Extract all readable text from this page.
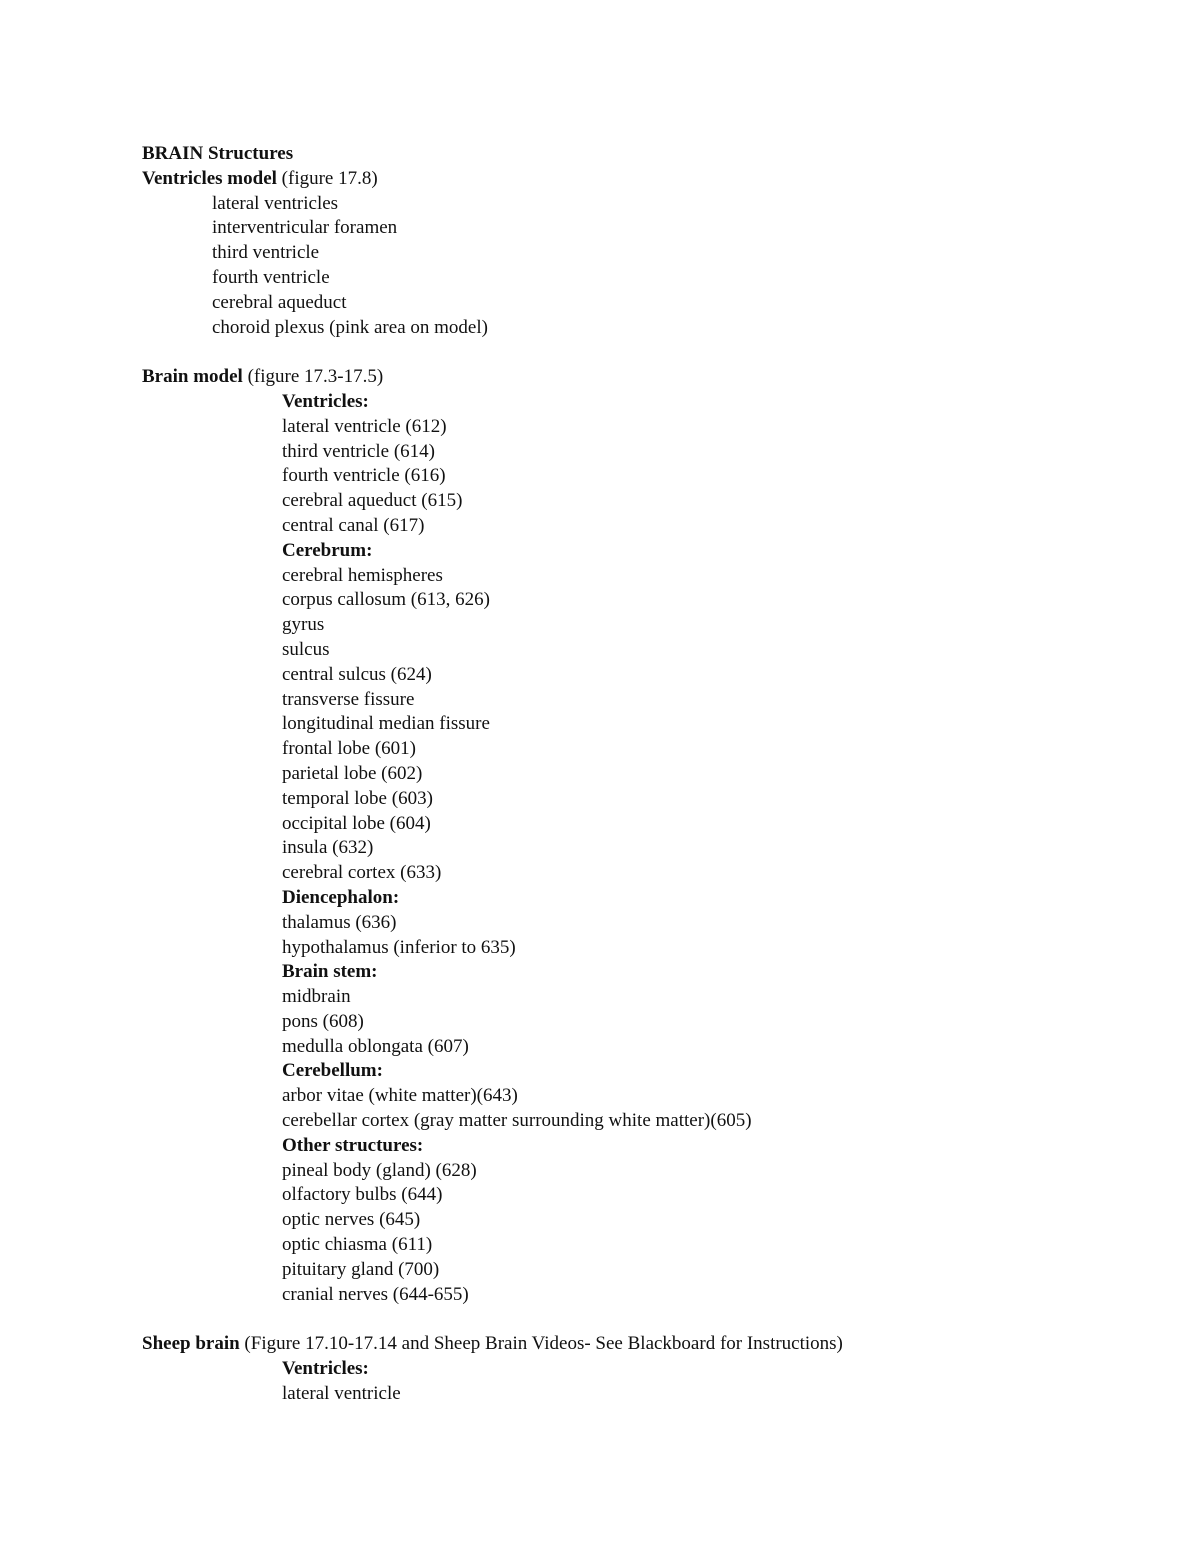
BRAIN Structures
Ventricles model (figure 17.8)
lateral ventricles
interventricular foramen
third ventricle
fourth ventricle
cerebral aqueduct
choroid plexus (pink area on model)
Brain model (figure 17.3-17.5)
Ventricles:
lateral ventricle (612)
third ventricle (614)
fourth ventricle (616)
cerebral aqueduct (615)
central canal (617)
Cerebrum:
cerebral hemispheres
corpus callosum (613, 626)
gyrus
sulcus
central sulcus (624)
transverse fissure
longitudinal median fissure
frontal lobe (601)
parietal lobe (602)
temporal lobe (603)
occipital lobe (604)
insula (632)
cerebral cortex (633)
Diencephalon:
thalamus (636)
hypothalamus (inferior to 635)
Brain stem:
midbrain
pons (608)
medulla oblongata (607)
Cerebellum:
arbor vitae (white matter)(643)
cerebellar cortex (gray matter surrounding white matter)(605)
Other structures:
pineal body (gland) (628)
olfactory bulbs (644)
optic nerves (645)
optic chiasma (611)
pituitary gland (700)
cranial nerves (644-655)
Sheep brain (Figure 17.10-17.14 and Sheep Brain Videos- See Blackboard for Instructions)
Ventricles:
lateral ventricle
